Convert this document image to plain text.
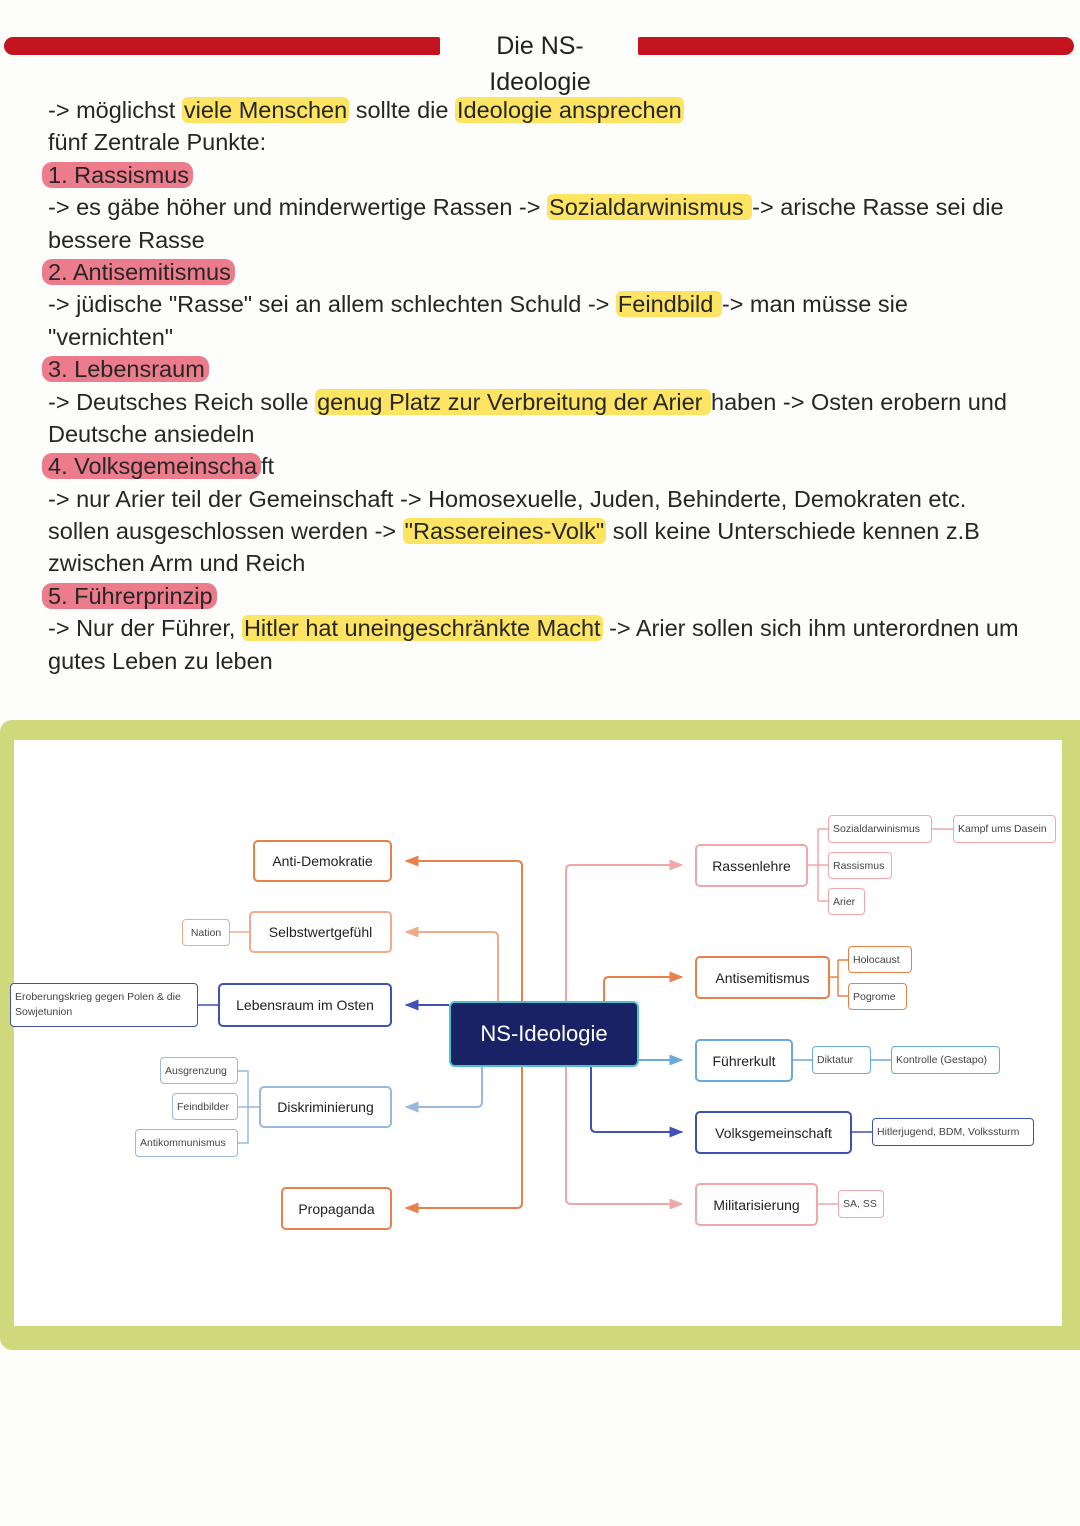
Die NS- Ideologie
-> möglichst viele Menschen sollte die Ideologie ansprechen
fünf Zentrale Punkte:
1. Rassismus
-> es gäbe höher und minderwertige Rassen -> Sozialdarwinismus -> arische Rasse sei die
bessere Rasse
2. Antisemitismus
-> jüdische "Rasse" sei an allem schlechten Schuld -> Feindbild -> man müsse sie
"vernichten"
3. Lebensraum
-> Deutsches Reich solle genug Platz zur Verbreitung der Arier haben -> Osten erobern und
Deutsche ansiedeln
4. Volksgemeinscha ft
-> nur Arier teil der Gemeinschaft -> Homosexuelle, Juden, Behinderte, Demokraten etc.
sollen ausgeschlossen werden -> "Rassereines-Volk" soll keine Unterschiede kennen z.B
zwischen Arm und Reich
5. Führerprinzip
-> Nur der Führer, Hitler hat uneingeschränkte Macht -> Arier sollen sich ihm unterordnen um
gutes Leben zu leben
NS-Ideologie
Anti-Demokratie
Selbstwertgefühl
Nation
Lebensraum im Osten
Eroberungskrieg gegen Polen & die
Sowjetunion
Diskriminierung
Ausgrenzung
Feindbilder
Antikommunismus
Propaganda
Rassenlehre
Sozialdarwinismus	Kampf ums Dasein
Rassismus
Arier
Antisemitismus
Holocaust
Pogrome
Führerkult	Diktatur	Kontrolle (Gestapo)
Volksgemeinschaft	Hitlerjugend, BDM, Volkssturm
Militarisierung	SA, SS
